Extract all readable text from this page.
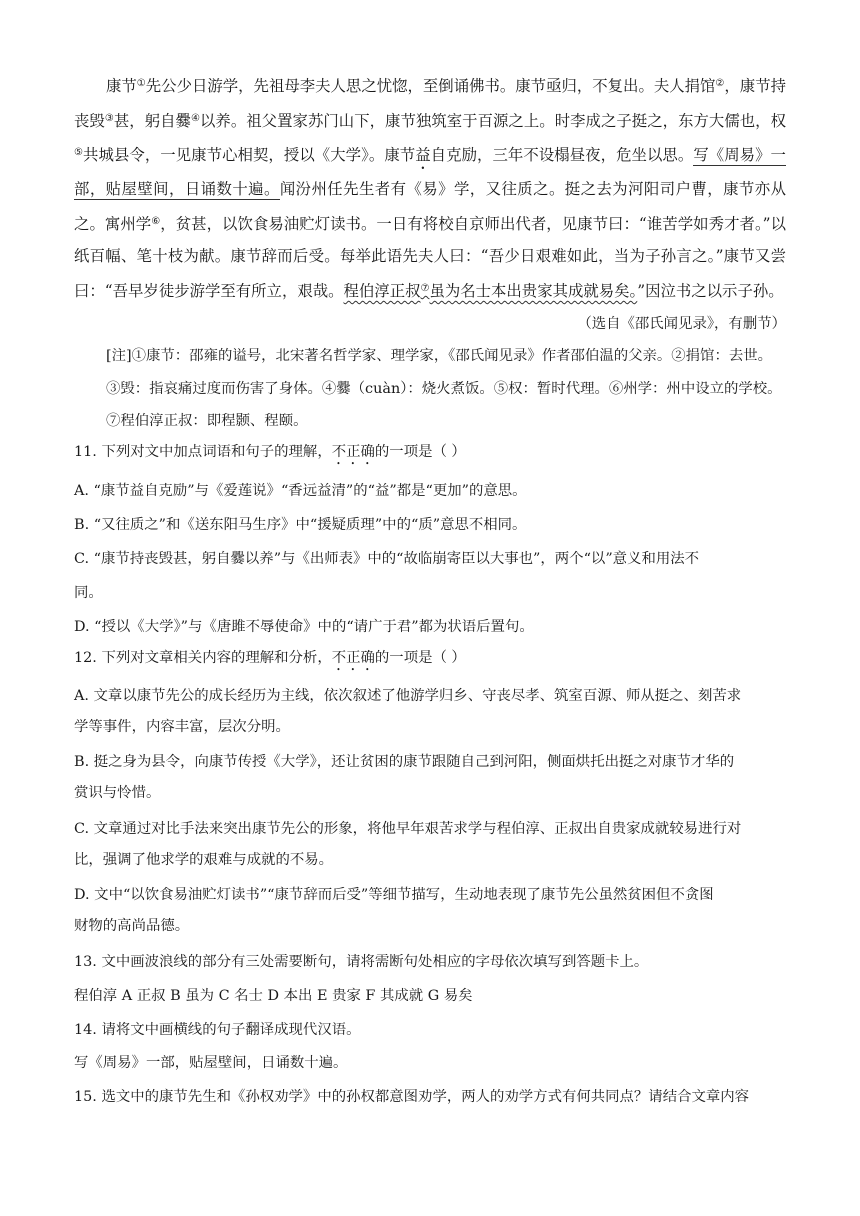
康节①先公少日游学，先祖母李夫人思之忧惚，至倒诵佛书。康节亟归，不复出。夫人捐馆②，康节持丧毁③甚，躬自爨④以养。祖父置家苏门山下，康节独筑室于百源之上。时李成之子挺之，东方大儒也，权⑤共城县令，一见康节心相契，授以《大学》。康节益自克励，三年不设榻昼夜，危坐以思。写《周易》一部，贴屋壁间，日诵数十遍。闻汾州任先生者有《易》学，又往质之。挺之去为河阳司户曹，康节亦从之。寓州学⑥，贫甚，以饮食易油贮灯读书。一日有将校自京师出代者，见康节曰：“谁苦学如秀才者。”以纸百幅、笔十枝为献。康节辞而后受。每举此语先夫人曰：“吾少日艰难如此，当为子孙言之。”康节又尝曰：“吾早岁徒步游学至有所立，艰哉。程伯淳正叔⑦虽为名士本出贵家其成就易矣。”因泣书之以示子孙。

（选自《邵氏闻见录》，有删节）

[注]①康节：邵雍的谥号，北宋著名哲学家、理学家，《邵氏闻见录》作者邵伯温的父亲。②捐馆：去世。

③毁：指哀痛过度而伤害了身体。④爨（cuàn）：烧火煮饭。⑤权：暂时代理。⑥州学：州中设立的学校。

⑦程伯淳正叔：即程颢、程颐。

11. 下列对文中加点词语和句子的理解，不正确的一项是（ ）

A. “康节益自克励”与《爱莲说》“香远益清”的“益”都是“更加”的意思。

B. “又往质之”和《送东阳马生序》中“援疑质理”中的“质”意思不相同。

C. “康节持丧毁甚，躬自爨以养”与《出师表》中的“故临崩寄臣以大事也”，两个“以”意义和用法不

同。

D. “授以《大学》”与《唐雎不辱使命》中的“请广于君”都为状语后置句。

12. 下列对文章相关内容的理解和分析，不正确的一项是（ ）

A. 文章以康节先公的成长经历为主线，依次叙述了他游学归乡、守丧尽孝、筑室百源、师从挺之、刻苦求

学等事件，内容丰富，层次分明。

B. 挺之身为县令，向康节传授《大学》，还让贫困的康节跟随自己到河阳，侧面烘托出挺之对康节才华的

赏识与怜惜。

C. 文章通过对比手法来突出康节先公的形象，将他早年艰苦求学与程伯淳、正叔出自贵家成就较易进行对

比，强调了他求学的艰难与成就的不易。

D. 文中“以饮食易油贮灯读书”“康节辞而后受”等细节描写，生动地表现了康节先公虽然贫困但不贪图

财物的高尚品德。

13. 文中画波浪线的部分有三处需要断句，请将需断句处相应的字母依次填写到答题卡上。

程伯淳 A 正叔 B 虽为 C 名士 D 本出 E 贵家 F 其成就 G 易矣

14. 请将文中画横线的句子翻译成现代汉语。

写《周易》一部，贴屋壁间，日诵数十遍。

15. 选文中的康节先生和《孙权劝学》中的孙权都意图劝学，两人的劝学方式有何共同点？请结合文章内容
